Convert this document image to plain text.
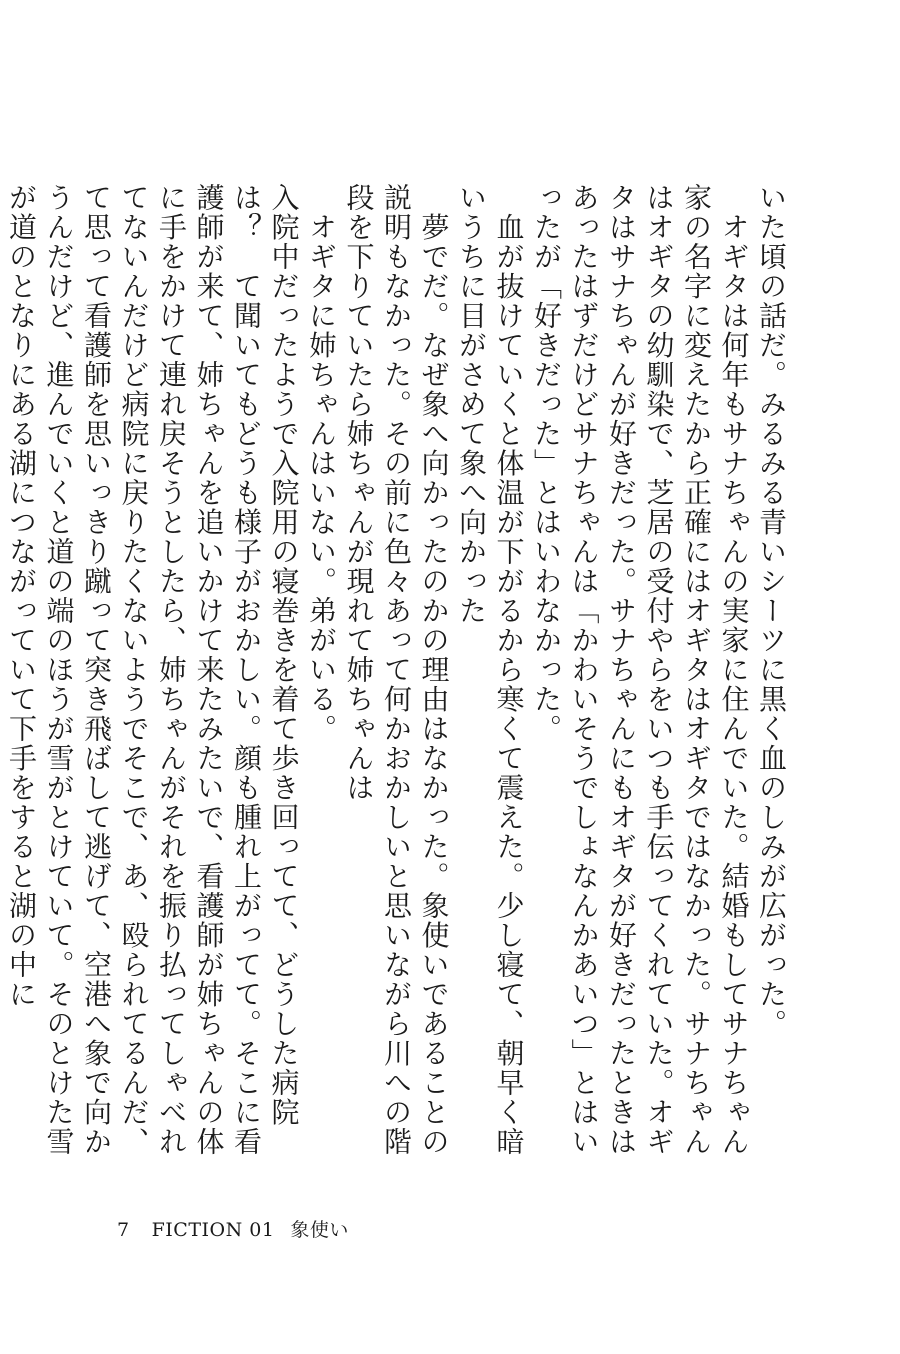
いた頃の話だ。みるみる青いシーツに黒く血のしみが広がった。

　オギタは何年もサナちゃんの実家に住んでいた。結婚もしてサナちゃん家の名字に変えたから正確にはオギタはオギタではなかった。サナちゃんはオギタの幼馴染で、芝居の受付やらをいつも手伝ってくれていた。オギタはサナちゃんが好きだった。サナちゃんにもオギタが好きだったときはあったはずだけどサナちゃんは「かわいそうでしょなんかあいつ」とはいったが「好きだった」とはいわなかった。

　血が抜けていくと体温が下がるから寒くて震えた。少し寝て、朝早く暗いうちに目がさめて象へ向かった

　夢でだ。なぜ象へ向かったのかの理由はなかった。象使いであることの説明もなかった。その前に色々あって何かおかしいと思いながら川への階段を下りていたら姉ちゃんが現れて姉ちゃんは

　オギタに姉ちゃんはいない。弟がいる。

入院中だったようで入院用の寝巻きを着て歩き回ってて、どうした病院は？　て聞いてもどうも様子がおかしい。顔も腫れ上がってて。そこに看護師が来て、姉ちゃんを追いかけて来たみたいで、看護師が姉ちゃんの体に手をかけて連れ戻そうとしたら、姉ちゃんがそれを振り払ってしゃべれてないんだけど病院に戻りたくないようでそこで、あ、殴られてるんだ、て思って看護師を思いっきり蹴って突き飛ばして逃げて、空港へ象で向かうんだけど、進んでいくと道の端のほうが雪がとけていて。そのとけた雪が道のとなりにある湖につながっていて下手をすると湖の中に

7 FICTION 01 象使い
